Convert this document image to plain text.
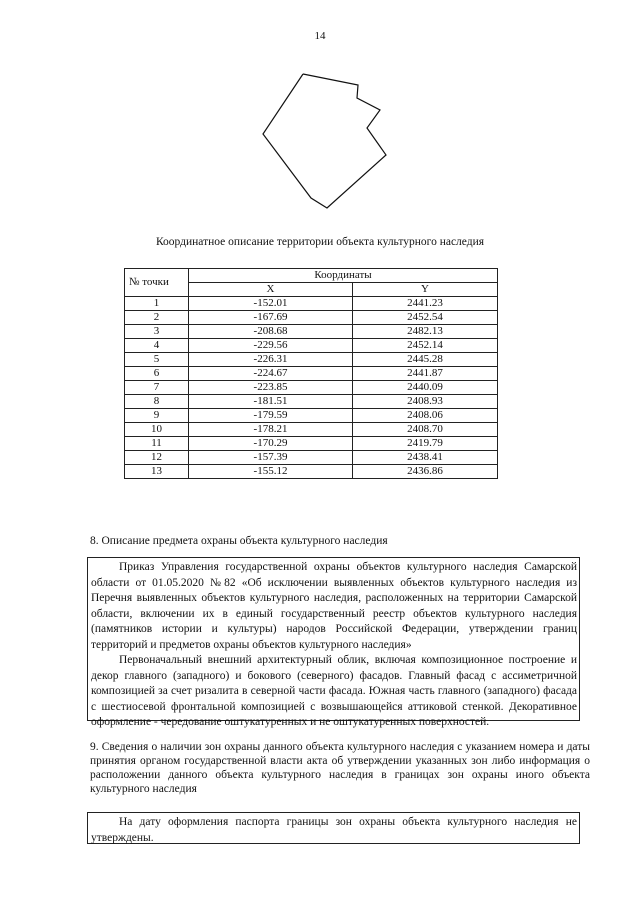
14
Координатное описание территории объекта культурного наследия
№ точки	Координаты	
	X	Y
1	-152.01	2441.23
2	-167.69	2452.54
3	-208.68	2482.13
4	-229.56	2452.14
5	-226.31	2445.28
6	-224.67	2441.87
7	-223.85	2440.09
8	-181.51	2408.93
9	-179.59	2408.06
10	-178.21	2408.70
11	-170.29	2419.79
12	-157.39	2438.41
13	-155.12	2436.86
8. Описание предмета охраны объекта культурного наследия

Приказ Управления государственной охраны объектов культурного наследия Самарской области от 01.05.2020 №82 «Об исключении выявленных объектов культурного наследия из Перечня выявленных объектов культурного наследия, расположенных на территории Самарской области, включении их в единый государственный реестр объектов культурного наследия (памятников истории и культуры) народов Российской Федерации, утверждении границ территорий и предметов охраны объектов культурного наследия»

Первоначальный внешний архитектурный облик, включая композиционное построение и декор главного (западного) и бокового (северного) фасадов. Главный фасад с ассиметричной композицией за счет ризалита в северной части фасада. Южная часть главного (западного) фасада с шестиосевой фронтальной композицией с возвышающейся аттиковой стенкой. Декоративное оформление - чередование оштукатуренных и не оштукатуренных поверхностей.

9. Сведения о наличии зон охраны данного объекта культурного наследия с указанием номера и даты принятия органом государственной власти акта об утверждении указанных зон либо информация о расположении данного объекта культурного наследия в границах зон охраны иного объекта культурного наследия

На дату оформления паспорта границы зон охраны объекта культурного наследия не утверждены.
